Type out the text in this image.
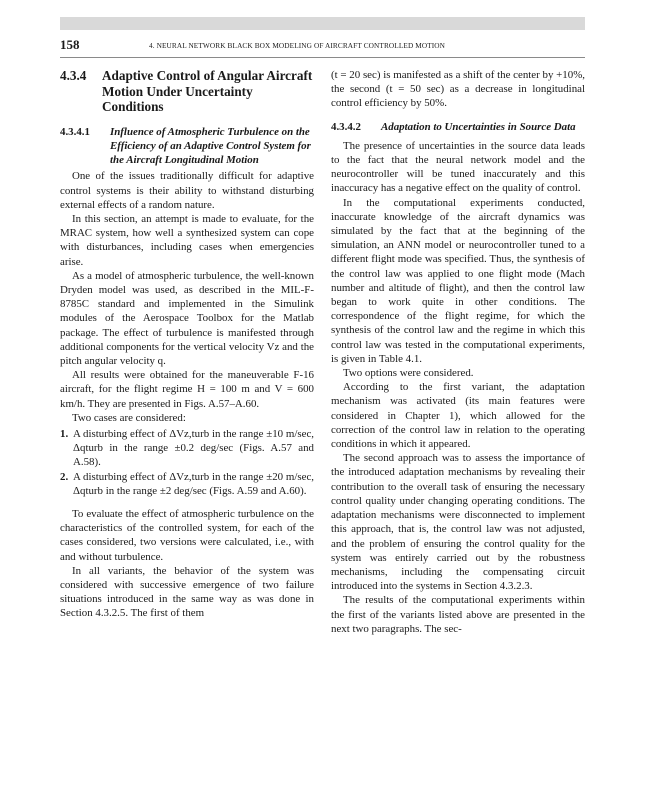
158	4. NEURAL NETWORK BLACK BOX MODELING OF AIRCRAFT CONTROLLED MOTION
4.3.4	Adaptive Control of Angular Aircraft Motion Under Uncertainty Conditions
4.3.4.1	Influence of Atmospheric Turbulence on the Efficiency of an Adaptive Control System for the Aircraft Longitudinal Motion

One of the issues traditionally difficult for adaptive control systems is their ability to withstand disturbing external effects of a random nature.

In this section, an attempt is made to evaluate, for the MRAC system, how well a synthesized system can cope with disturbances, including cases when emergencies arise.

As a model of atmospheric turbulence, the well-known Dryden model was used, as described in the MIL-F-8785C standard and implemented in the Simulink modules of the Aerospace Toolbox for the Matlab package. The effect of turbulence is manifested through additional components for the vertical velocity Vz and the pitch angular velocity q.

All results were obtained for the maneuverable F-16 aircraft, for the flight regime H = 100 m and V = 600 km/h. They are presented in Figs. A.57–A.60.

Two cases are considered:

1. A disturbing effect of ΔVz,turb in the range ±10 m/sec, Δqturb in the range ±0.2 deg/sec (Figs. A.57 and A.58).
2. A disturbing effect of ΔVz,turb in the range ±20 m/sec, Δqturb in the range ±2 deg/sec (Figs. A.59 and A.60).

To evaluate the effect of atmospheric turbulence on the characteristics of the controlled system, for each of the cases considered, two versions were calculated, i.e., with and without turbulence.

In all variants, the behavior of the system was considered with successive emergence of two failure situations introduced in the same way as was done in Section 4.3.2.5. The first of them

(t = 20 sec) is manifested as a shift of the center by +10%, the second (t = 50 sec) as a decrease in longitudinal control efficiency by 50%.

4.3.4.2	Adaptation to Uncertainties in Source Data

The presence of uncertainties in the source data leads to the fact that the neural network model and the neurocontroller will be tuned inaccurately and this inaccuracy has a negative effect on the quality of control.

In the computational experiments conducted, inaccurate knowledge of the aircraft dynamics was simulated by the fact that at the beginning of the simulation, an ANN model or neurocontroller tuned to a different flight mode was specified. Thus, the synthesis of the control law was applied to one flight mode (Mach number and altitude of flight), and then the control law began to work quite in other conditions. The correspondence of the flight regime, for which the synthesis of the control law and the regime in which this control law was tested in the computational experiments, is given in Table 4.1.

Two options were considered.

According to the first variant, the adaptation mechanism was activated (its main features were considered in Chapter 1), which allowed for the correction of the control law in relation to the operating conditions in which it appeared.

The second approach was to assess the importance of the introduced adaptation mechanisms by revealing their contribution to the overall task of ensuring the necessary control quality under changing operating conditions. The adaptation mechanisms were disconnected to implement this approach, that is, the control law was not adjusted, and the problem of ensuring the control quality for the system was entirely carried out by the robustness mechanisms, including the compensating circuit introduced into the systems in Section 4.3.2.3.

The results of the computational experiments within the first of the variants listed above are presented in the next two paragraphs. The sec-
